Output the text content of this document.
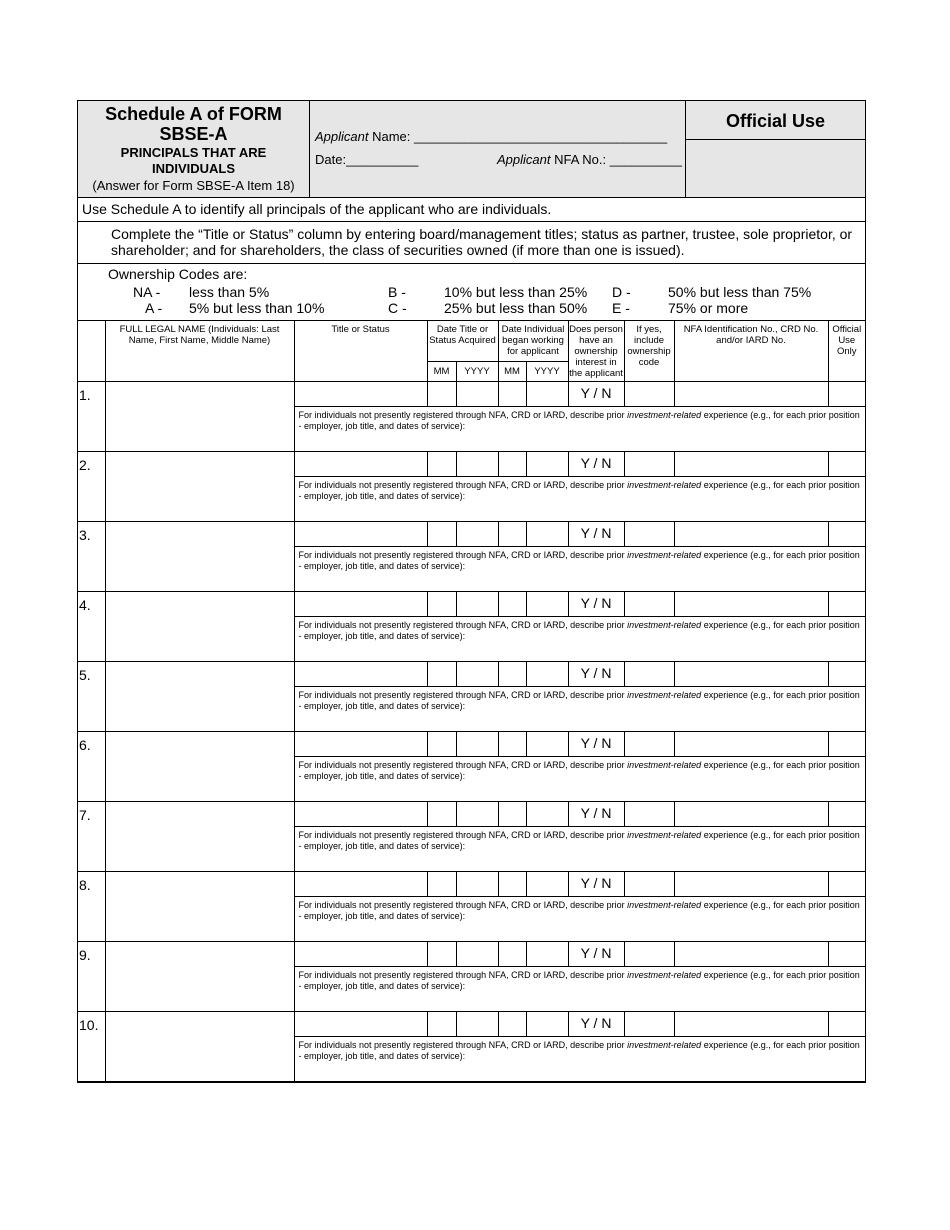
Schedule A of FORM
SBSE-A
PRINCIPALS THAT ARE
INDIVIDUALS
(Answer for Form SBSE-A Item 18)
Applicant Name: ___________________________________
Date:__________	Applicant NFA No.: __________
Official Use
Use Schedule A to identify all principals of the applicant who are individuals.
Complete the “Title or Status” column by entering board/management titles; status as partner, trustee, sole proprietor, or shareholder; and for shareholders, the class of securities owned (if more than one is issued).
Ownership Codes are:
NA - less than 5%
A - 5% but less than 10%
B -	10% but less than 25%
C -	25% but less than 50%
D -	50% but less than 75%
E -	75% or more
	FULL LEGAL NAME (Individuals: Last Name, First Name, Middle Name)	Title or Status	Date Title or Status Acquired		Date Individual began working for applicant		Does person have an ownership interest in the applicant	If yes, include ownership code	NFA Identification No., CRD No. and/or IARD No.	Official Use Only
			MM	YYYY	MM	YYYY				
1.							Y / N			
		For individuals not presently registered through NFA, CRD or IARD, describe prior investment-related experience (e.g., for each prior position - employer, job title, and dates of service):								
2.							Y / N			
		For individuals not presently registered through NFA, CRD or IARD, describe prior investment-related experience (e.g., for each prior position - employer, job title, and dates of service):								
3.							Y / N			
		For individuals not presently registered through NFA, CRD or IARD, describe prior investment-related experience (e.g., for each prior position - employer, job title, and dates of service):								
4.							Y / N			
		For individuals not presently registered through NFA, CRD or IARD, describe prior investment-related experience (e.g., for each prior position - employer, job title, and dates of service):								
5.							Y / N			
		For individuals not presently registered through NFA, CRD or IARD, describe prior investment-related experience (e.g., for each prior position - employer, job title, and dates of service):								
6.							Y / N			
		For individuals not presently registered through NFA, CRD or IARD, describe prior investment-related experience (e.g., for each prior position - employer, job title, and dates of service):								
7.							Y / N			
		For individuals not presently registered through NFA, CRD or IARD, describe prior investment-related experience (e.g., for each prior position - employer, job title, and dates of service):								
8.							Y / N			
		For individuals not presently registered through NFA, CRD or IARD, describe prior investment-related experience (e.g., for each prior position - employer, job title, and dates of service):								
9.							Y / N			
		For individuals not presently registered through NFA, CRD or IARD, describe prior investment-related experience (e.g., for each prior position - employer, job title, and dates of service):								
10.							Y / N			
		For individuals not presently registered through NFA, CRD or IARD, describe prior investment-related experience (e.g., for each prior position - employer, job title, and dates of service):								
